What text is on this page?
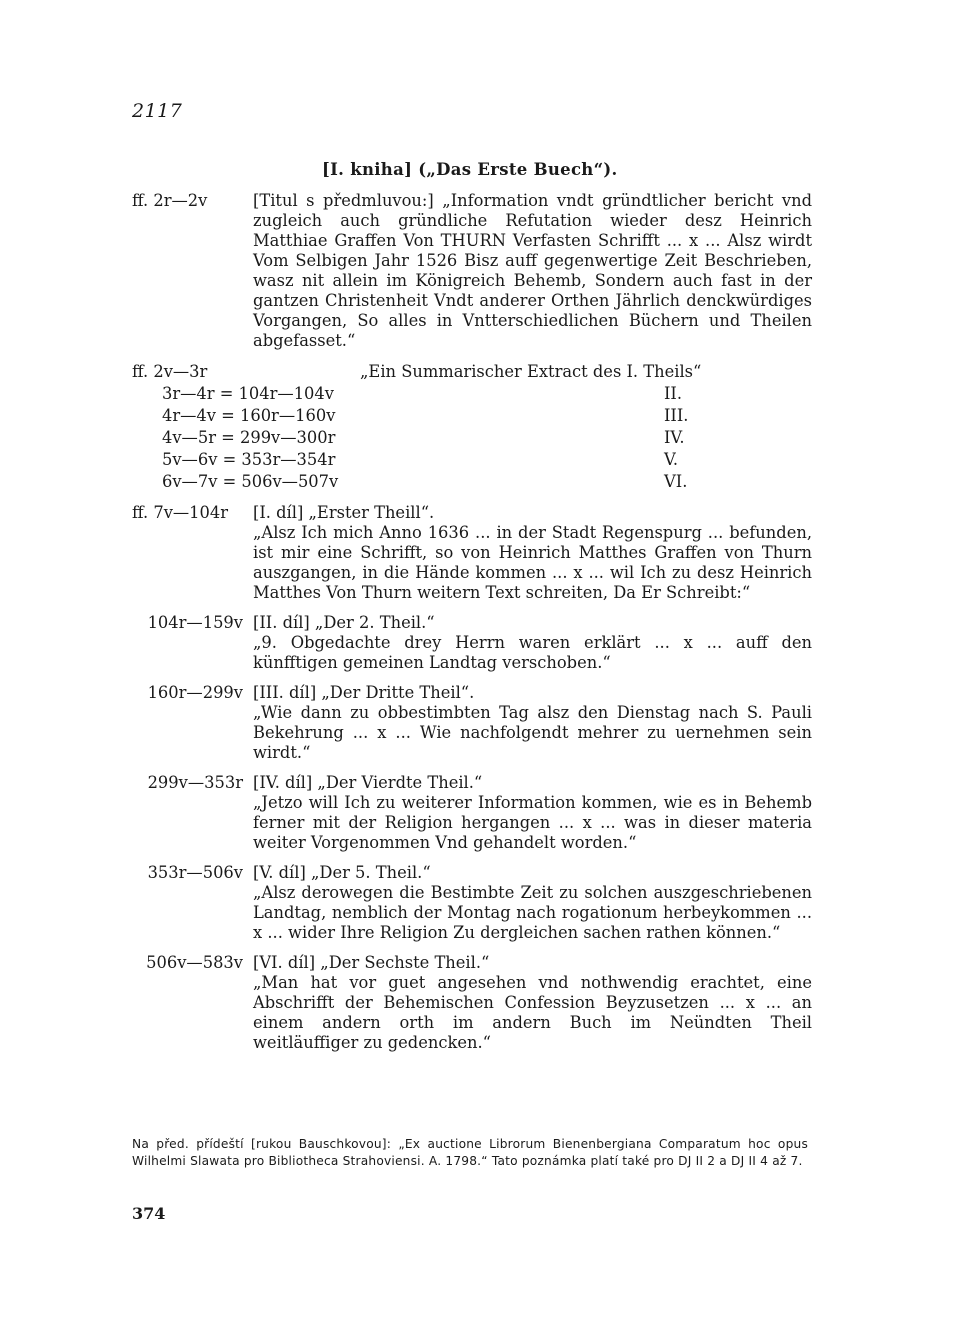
2117
[I. kniha] („Das Erste Buech“).
ff. 2r—2v	[Titul s předmluvou:] „Information vndt gründtlicher bericht vnd zugleich auch gründliche Refutation wieder desz Heinrich Matthiae Graffen Von THURN Verfasten Schrifft ... x ... Alsz wirdt Vom Selbigen Jahr 1526 Bisz auff gegenwertige Zeit Beschrieben, wasz nit allein im Königreich Behemb, Sondern auch fast in der gantzen Christenheit Vndt anderer Orthen Jährlich denckwürdiges Vorgangen, So alles in Vntterschiedlichen Büchern und Theilen abgefasset.“
ff. 2v—3r	„Ein Summarischer Extract des I. Theils“
3r—4r = 104r—104v	II.
4r—4v = 160r—160v	III.
4v—5r = 299v—300r	IV.
5v—6v = 353r—354r	V.
6v—7v = 506v—507v	VI.
ff. 7v—104r	[I. díl] „Erster Theill“.

„Alsz Ich mich Anno 1636 ... in der Stadt Regenspurg ... befunden, ist mir eine Schrifft, so von Heinrich Matthes Graffen von Thurn auszgangen, in die Hände kommen ... x ... wil Ich zu desz Heinrich Matthes Von Thurn weitern Text schreiten, Da Er Schreibt:“

104r—159v [II. díl] „Der 2. Theil.“

„9. Obgedachte drey Herrn waren erklärt ... x ... auff den künfftigen gemeinen Landtag verschoben.“

160r—299v [III. díl] „Der Dritte Theil“.

„Wie dann zu obbestimbten Tag alsz den Dienstag nach S. Pauli Bekehrung ... x ... Wie nachfolgendt mehrer zu uernehmen sein wirdt.“

299v—353r [IV. díl] „Der Vierdte Theil.“

„Jetzo will Ich zu weiterer Information kommen, wie es in Behemb ferner mit der Religion hergangen ... x ... was in dieser materia weiter Vorgenommen Vnd gehandelt worden.“

353r—506v [V. díl] „Der 5. Theil.“

„Alsz derowegen die Bestimbte Zeit zu solchen auszgeschriebenen Landtag, nemblich der Montag nach rogationum herbeykommen ... x ... wider Ihre Religion Zu dergleichen sachen rathen können.“

506v—583v [VI. díl] „Der Sechste Theil.“

„Man hat vor guet angesehen vnd nothwendig erachtet, eine Abschrifft der Behemischen Confession Beyzusetzen ... x ... an einem andern orth im andern Buch im Neündten Theil weitläuffiger zu gedencken.“

Na před. přídeští [rukou Bauschkovou]: „Ex auctione Librorum Bienenbergiana Comparatum hoc opus Wilhelmi Slawata pro Bibliotheca Strahoviensi. A. 1798.“ Tato poznámka platí také pro DJ II 2 a DJ II 4 až 7.
374
